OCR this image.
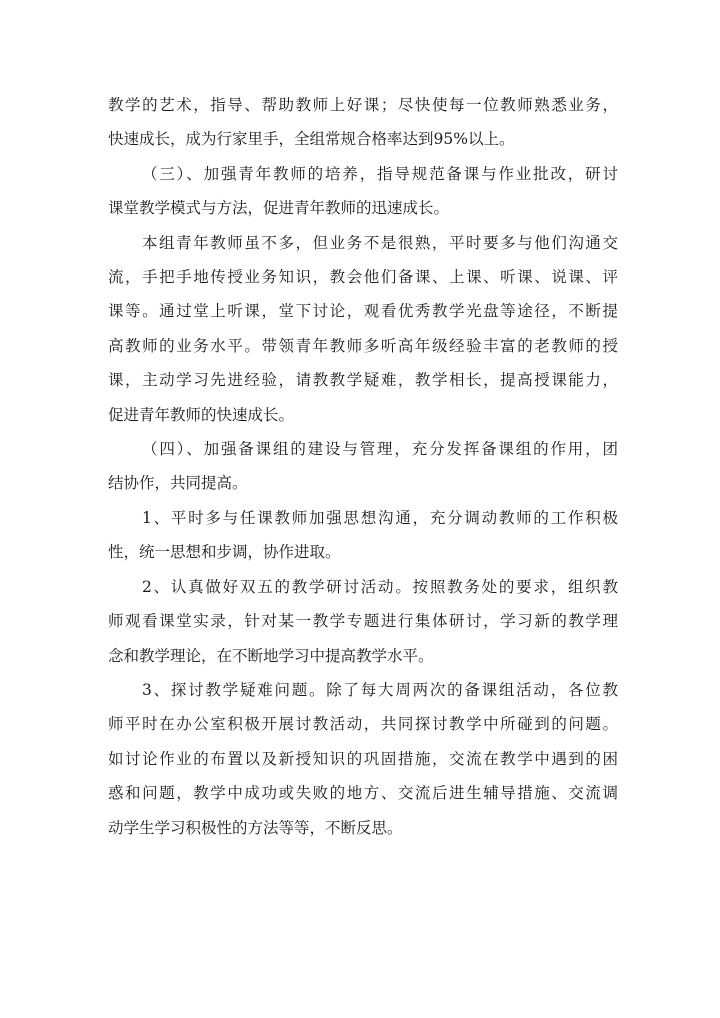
教学的艺术，指导、帮助教师上好课；尽快使每一位教师熟悉业务，
快速成长，成为行家里手，全组常规合格率达到95%以上。
（三）、加强青年教师的培养，指导规范备课与作业批改，研讨
课堂教学模式与方法，促进青年教师的迅速成长。
本组青年教师虽不多，但业务不是很熟，平时要多与他们沟通交
流，手把手地传授业务知识，教会他们备课、上课、听课、说课、评
课等。通过堂上听课，堂下讨论，观看优秀教学光盘等途径，不断提
高教师的业务水平。带领青年教师多听高年级经验丰富的老教师的授
课，主动学习先进经验，请教教学疑难，教学相长，提高授课能力，
促进青年教师的快速成长。
（四）、加强备课组的建设与管理，充分发挥备课组的作用，团
结协作，共同提高。
1、平时多与任课教师加强思想沟通，充分调动教师的工作积极
性，统一思想和步调，协作进取。
2、认真做好双五的教学研讨活动。按照教务处的要求，组织教
师观看课堂实录，针对某一教学专题进行集体研讨，学习新的教学理
念和教学理论，在不断地学习中提高教学水平。
3、探讨教学疑难问题。除了每大周两次的备课组活动，各位教
师平时在办公室积极开展讨教活动，共同探讨教学中所碰到的问题。
如讨论作业的布置以及新授知识的巩固措施，交流在教学中遇到的困
惑和问题，教学中成功或失败的地方、交流后进生辅导措施、交流调
动学生学习积极性的方法等等，不断反思。
